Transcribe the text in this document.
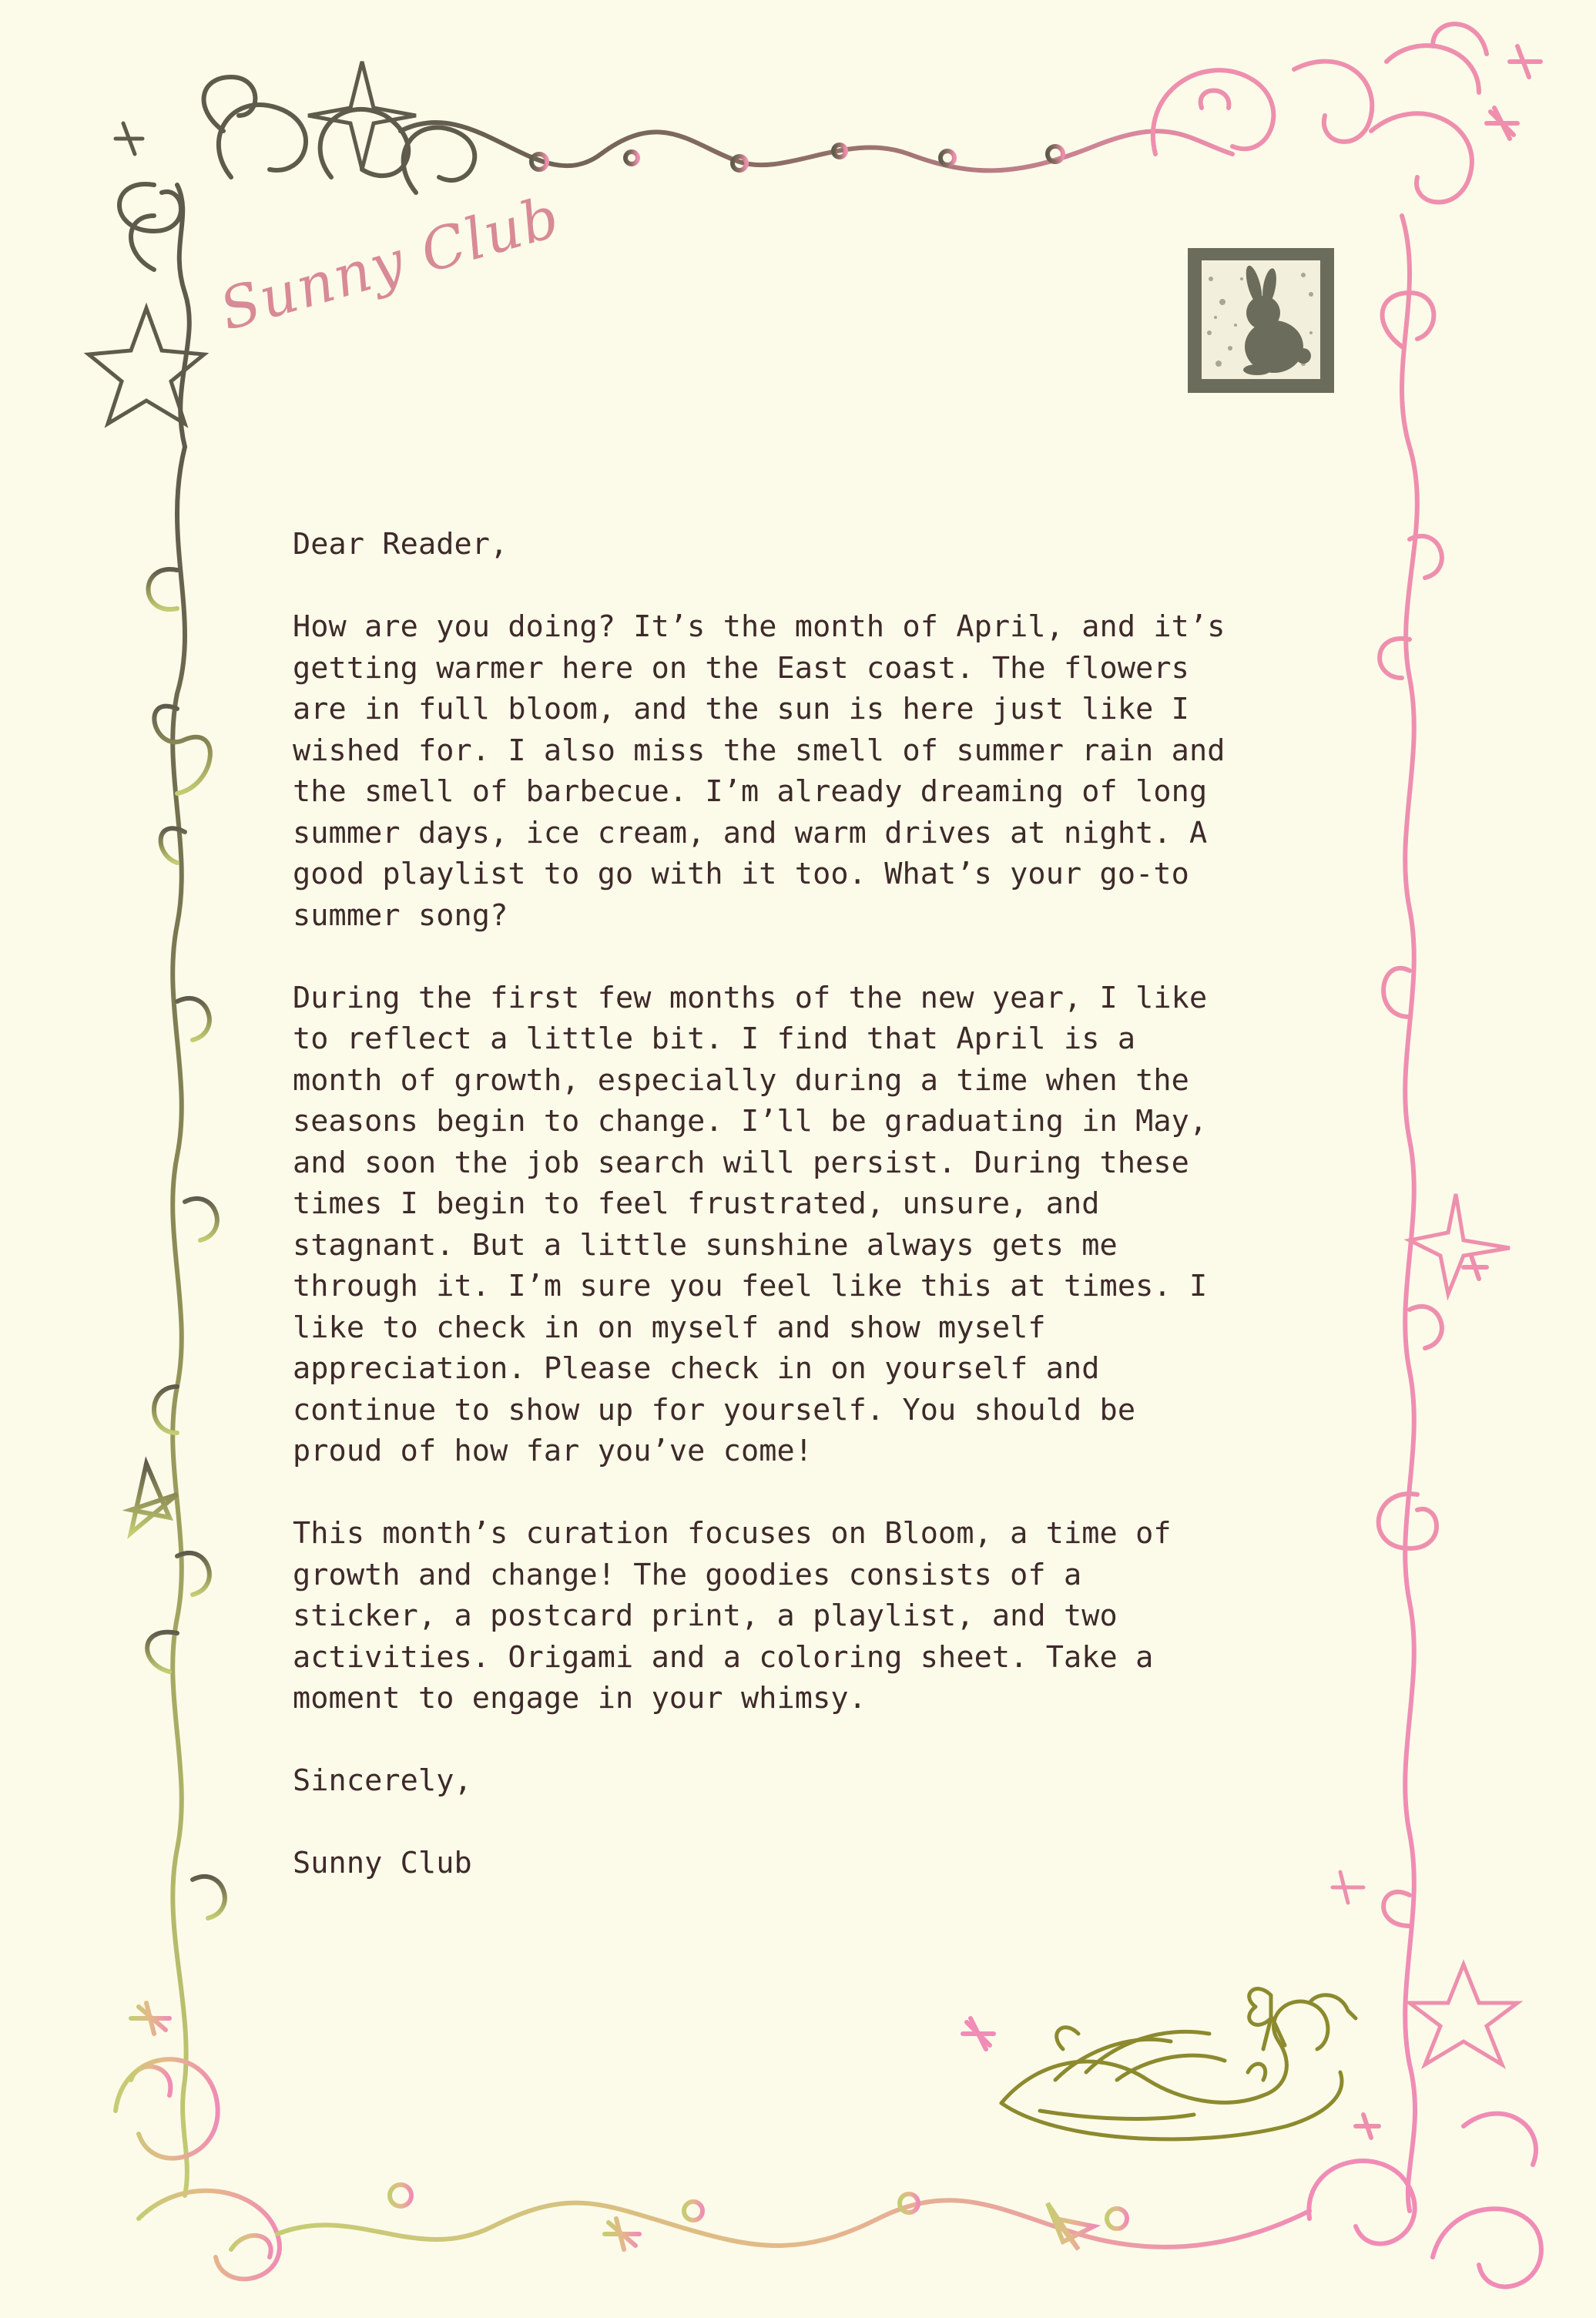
Sunny Club

Dear Reader,

How are you doing? It’s the month of April, and it’s
getting warmer here on the East coast. The flowers
are in full bloom, and the sun is here just like I
wished for. I also miss the smell of summer rain and
the smell of barbecue. I’m already dreaming of long
summer days, ice cream, and warm drives at night. A
good playlist to go with it too. What’s your go-to
summer song?

During the first few months of the new year, I like
to reflect a little bit. I find that April is a
month of growth, especially during a time when the
seasons begin to change. I’ll be graduating in May,
and soon the job search will persist. During these
times I begin to feel frustrated, unsure, and
stagnant. But a little sunshine always gets me
through it. I’m sure you feel like this at times. I
like to check in on myself and show myself
appreciation. Please check in on yourself and
continue to show up for yourself. You should be
proud of how far you’ve come!

This month’s curation focuses on Bloom, a time of
growth and change! The goodies consists of a
sticker, a postcard print, a playlist, and two
activities. Origami and a coloring sheet. Take a
moment to engage in your whimsy.

Sincerely,

Sunny Club
